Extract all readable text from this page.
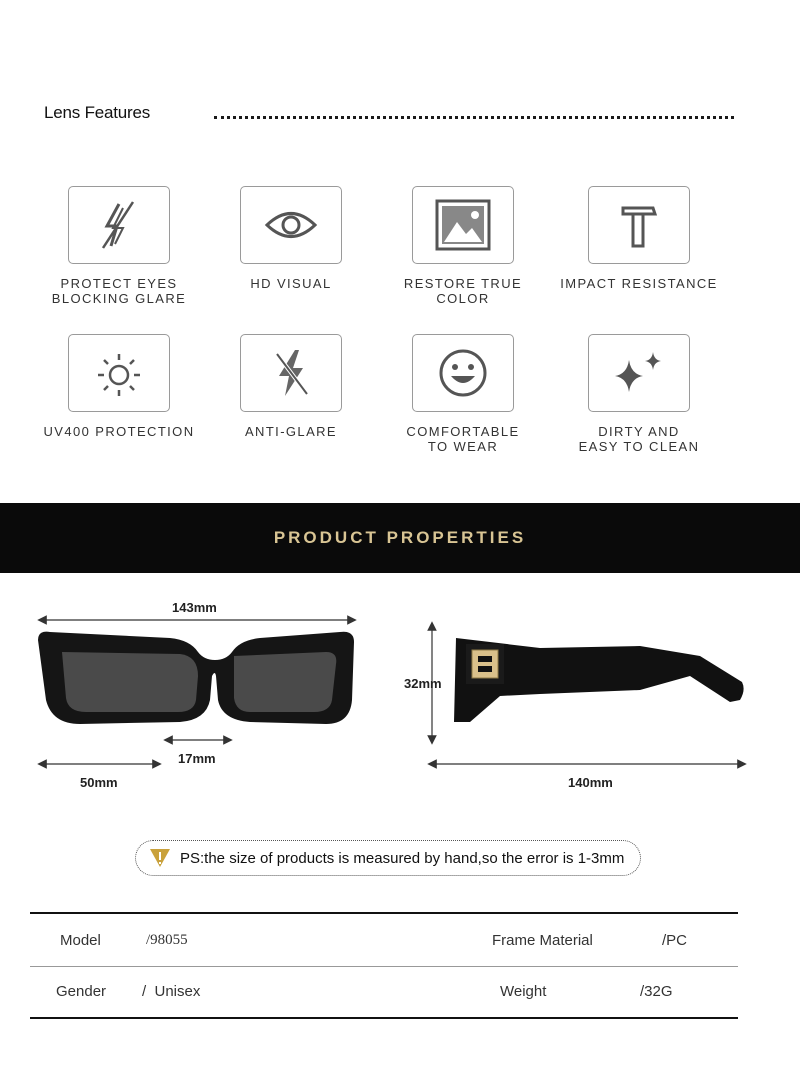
Lens Features
PROTECT EYES
BLOCKING GLARE
HD VISUAL	RESTORE TRUE COLOR
IMPACT RESISTANCE
UV400 PROTECTION	ANTI-GLARE	COMFORTABLE
TO WEAR
DIRTY AND
EASY TO CLEAN
PRODUCT PROPERTIES
143mm
17mm
50mm
32mm
140mm
PS:the size of products is measured by hand,so the error is 1-3mm
Model	/98055	Frame Material	/PC
Gender /  Unisex	Weight	/32G
